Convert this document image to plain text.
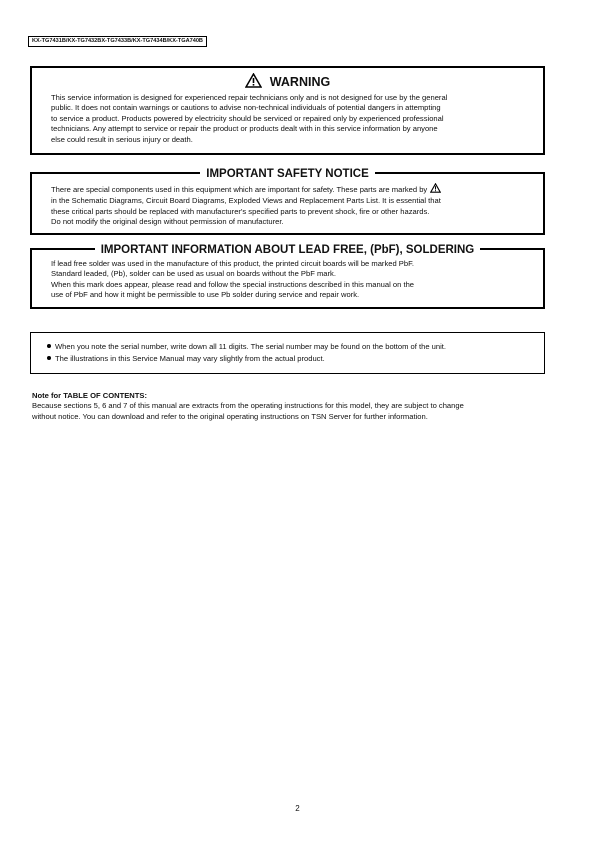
KX-TG7431B/KX-TG7432BX-TG7433B/KX-TG7434B/KX-TGA740B
WARNING
This service information is designed for experienced repair technicians only and is not designed for use by the general
public. It does not contain warnings or cautions to advise non-technical individuals of potential dangers in attempting
to service a product. Products powered by electricity should be serviced or repaired only by experienced professional
technicians. Any attempt to service or repair the product or products dealt with in this service information by anyone
else could result in serious injury or death.
IMPORTANT SAFETY NOTICE
There are special components used in this equipment which are important for safety. These parts are marked by
in the Schematic Diagrams, Circuit Board Diagrams, Exploded Views and Replacement Parts List. It is essential that
these critical parts should be replaced with manufacturer's specified parts to prevent shock, fire or other hazards.
Do not modify the original design without permission of manufacturer.
IMPORTANT INFORMATION ABOUT LEAD FREE, (PbF), SOLDERING
If lead free solder was used in the manufacture of this product, the printed circuit boards will be marked PbF.
Standard leaded, (Pb), solder can be used as usual on boards without the PbF mark.
When this mark does appear, please read and follow the special instructions described in this manual on the
use of PbF and how it might be permissible to use Pb solder during service and repair work.
When you note the serial number, write down all 11 digits. The serial number may be found on the bottom of the unit.
The illustrations in this Service Manual may vary slightly from the actual product.
Note for TABLE OF CONTENTS:
Because sections 5, 6 and 7 of this manual are extracts from the operating instructions for this model, they are subject to change
without notice. You can download and refer to the original operating instructions on TSN Server for further information.
2
